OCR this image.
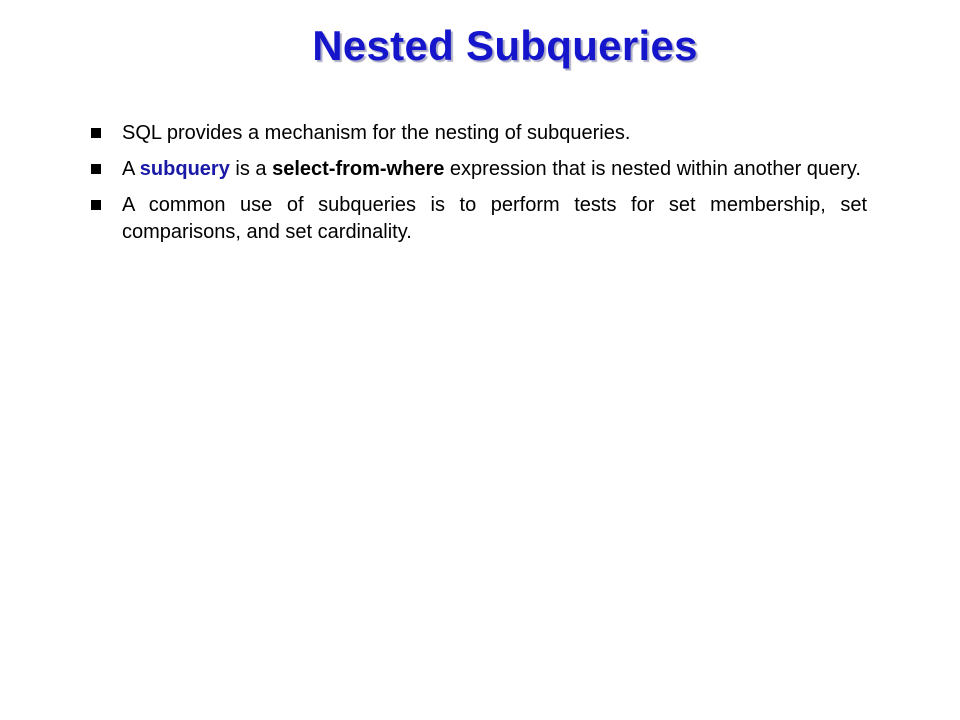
Nested Subqueries
SQL provides a mechanism for the nesting of subqueries.
A subquery is a select-from-where expression that is nested within another query.
A common use of subqueries is to perform tests for set membership, set comparisons, and set cardinality.
